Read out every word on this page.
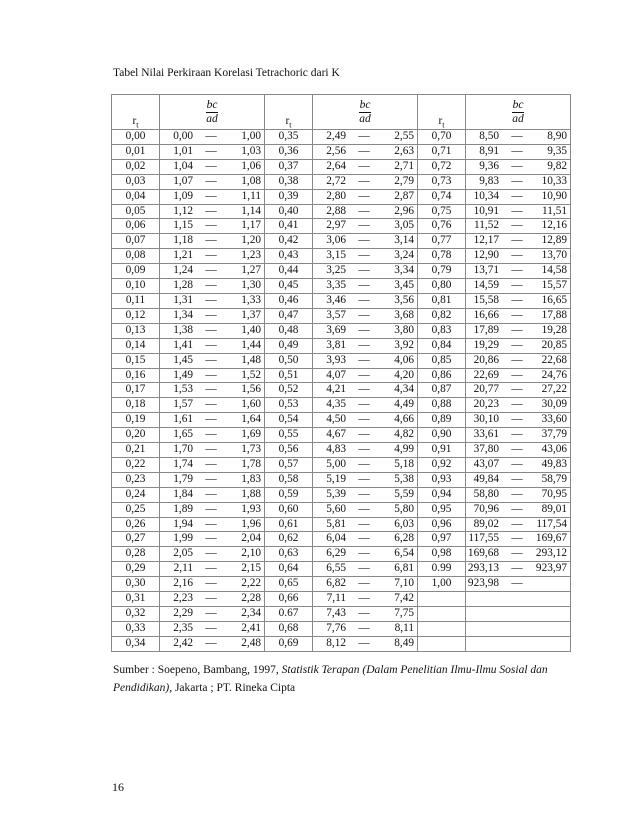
Tabel Nilai Perkiraan Korelasi Tetrachoric dari K
$r_t$	$\frac{bc}{ad}$	$r_t$	$\frac{bc}{ad}$	$r_t$	$\frac{bc}{ad}$

0,00	0,00 — 1,00	0,35	2,49 — 2,55	0,70	8,50 — 8,90

0,01	1,01 — 1,03	0,36	2,56 — 2,63	0,71	8,91 — 9,35

0,02	1,04 — 1,06	0,37	2,64 — 2,71	0,72	9,36 — 9,82

0,03	1,07 — 1,08	0,38	2,72 — 2,79	0,73	9,83 — 10,33

0,04	1,09 — 1,11	0,39	2,80 — 2,87	0,74	10,34 — 10,90

0,05	1,12 — 1,14	0,40	2,88 — 2,96	0,75	10,91 — 11,51

0,06	1,15 — 1,17	0,41	2,97 — 3,05	0,76	11,52 — 12,16

0,07	1,18 — 1,20	0,42	3,06 — 3,14	0,77	12,17 — 12,89

0,08	1,21 — 1,23	0,43	3,15 — 3,24	0,78	12,90 — 13,70

0,09	1,24 — 1,27	0,44	3,25 — 3,34	0,79	13,71 — 14,58

0,10	1,28 — 1,30	0,45	3,35 — 3,45	0,80	14,59 — 15,57

0,11	1,31 — 1,33	0,46	3,46 — 3,56	0,81	15,58 — 16,65

0,12	1,34 — 1,37	0,47	3,57 — 3,68	0,82	16,66 — 17,88

0,13	1,38 — 1,40	0,48	3,69 — 3,80	0,83	17,89 — 19,28

0,14	1,41 — 1,44	0,49	3,81 — 3,92	0,84	19,29 — 20,85

0,15	1,45 — 1,48	0,50	3,93 — 4,06	0,85	20,86 — 22,68

0,16	1,49 — 1,52	0,51	4,07 — 4,20	0,86	22,69 — 24,76

0,17	1,53 — 1,56	0,52	4,21 — 4,34	0,87	20,77 — 27,22

0,18	1,57 — 1,60	0,53	4,35 — 4,49	0,88	20,23 — 30,09

0,19	1,61 — 1,64	0,54	4,50 — 4,66	0,89	30,10 — 33,60

0,20	1,65 — 1,69	0,55	4,67 — 4,82	0,90	33,61 — 37,79

0,21	1,70 — 1,73	0,56	4,83 — 4,99	0,91	37,80 — 43,06

0,22	1,74 — 1,78	0,57	5,00 — 5,18	0,92	43,07 — 49,83

0,23	1,79 — 1,83	0,58	5,19 — 5,38	0,93	49,84 — 58,79

0,24	1,84 — 1,88	0,59	5,39 — 5,59	0,94	58,80 — 70,95

0,25	1,89 — 1,93	0,60	5,60 — 5,80	0,95	70,96 — 89,01

0,26	1,94 — 1,96	0,61	5,81 — 6,03	0,96	89,02 — 117,54

0,27	1,99 — 2,04	0,62	6,04 — 6,28	0,97	117,55 — 169,67

0,28	2,05 — 2,10	0,63	6,29 — 6,54	0,98	169,68 — 293,12

0,29	2,11 — 2,15	0,64	6,55 — 6,81	0.99	293,13 — 923,97

0,30	2,16 — 2,22	0,65	6,82 — 7,10	1,00	923,98 —

0,31	2,23 — 2,28	0,66	7,11 — 7,42		

0,32	2,29 — 2,34	0.67	7,43 — 7,75		

0,33	2,35 — 2,41	0,68	7,76 — 8,11		

0,34	2,42 — 2,48	0,69	8,12 — 8,49		

Sumber : Soepeno, Bambang, 1997, Statistik Terapan (Dalam Penelitian Ilmu-Ilmu Sosial dan Pendidikan), Jakarta ; PT. Rineka Cipta
16
